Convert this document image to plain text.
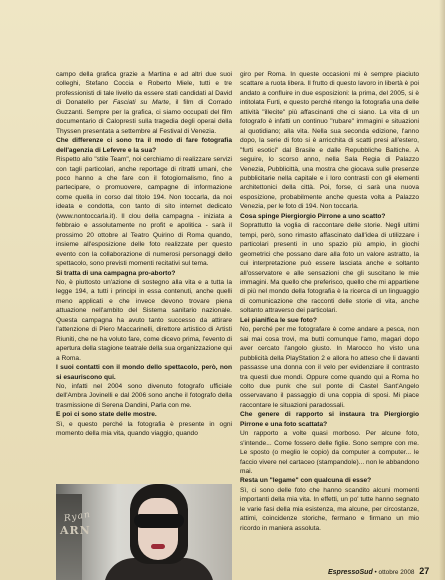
campo della grafica grazie a Martina e ad altri due suoi colleghi, Stefano Coccia e Roberto Miele, tutti e tre professionisti di tale livello da essere stati candidati al David di Donatello per Fasciati su Marte, il film di Corrado Guzzanti. Sempre per la grafica, ci siamo occupati del film documentario di Calopresti sulla tragedia degli operai della Thyssen presentata a settembre al Festival di Venezia.

Che differenze ci sono tra il modo di fare fotografia dell'agenzia di Lefevre e la sua?

Rispetto allo "stile Team", noi cerchiamo di realizzare servizi con tagli particolari, anche reportage di ritratti umani, che poco hanno a che fare con il fotogiornalismo, fino a partecipare, o promuovere, campagne di informazione come quella in corso dal titolo 194. Non toccarla, da noi ideata e condotta, con tanto di sito internet dedicato (www.nontoccarla.it). Il clou della campagna - iniziata a febbraio e assolutamente no profit e apolitica - sarà il prossimo 20 ottobre al Teatro Quirino di Roma quando, insieme all'esposizione delle foto realizzate per questo evento con la collaborazione di numerosi personaggi dello spettacolo, sono previsti momenti recitativi sul tema.

Si tratta di una campagna pro-aborto?

No, è piuttosto un'azione di sostegno alla vita e a tutta la legge 194, a tutti i principi in essa contenuti, anche quelli meno applicati e che invece devono trovare piena attuazione nell'ambito del Sistema sanitario nazionale. Questa campagna ha avuto tanto successo da attirare l'attenzione di Piero Maccarinelli, direttore artistico di Artisti Riuniti, che ne ha voluto fare, come dicevo prima, l'evento di apertura della stagione teatrale della sua organizzazione qui a Roma.

I suoi contatti con il mondo dello spettacolo, però, non si esauriscono qui.

No, infatti nel 2004 sono divenuto fotografo ufficiale dell'Ambra Jovinelli e dal 2006 sono anche il fotografo della trasmissione di Serena Dandini, Parla con me.

E poi ci sono state delle mostre.

Sì, e questo perché la fotografia è presente in ogni momento della mia vita, quando viaggio, quando

Ryan
ARN

giro per Roma. In queste occasioni mi è sempre piaciuto scattare a ruota libera. Il frutto di questo lavoro in libertà è poi andato a confluire in due esposizioni: la prima, del 2005, si è intitolata Furti, e questo perché ritengo la fotografia una delle attività "illecite" più affascinanti che ci siano. La vita di un fotografo è infatti un continuo "rubare" immagini e situazioni al quotidiano; alla vita. Nella sua seconda edizione, l'anno dopo, la serie di foto si è arricchita di scatti presi all'estero, "furti esotici" dal Brasile e dalle Repubbliche Baltiche. A seguire, lo scorso anno, nella Sala Regia di Palazzo Venezia, Pubblicittà, una mostra che giocava sulle presenze pubblicitarie nella capitale e i loro contrasti con gli elementi architettonici della città. Poi, forse, ci sarà una nuova esposizione, probabilmente anche questa volta a Palazzo Venezia, per le foto di 194. Non toccarla.

Cosa spinge Piergiorgio Pirrone a uno scatto?

Soprattutto la voglia di raccontare delle storie. Negli ultimi tempi, però, sono rimasto affascinato dall'idea di utilizzare i particolari presenti in uno spazio più ampio, in giochi geometrici che possano dare alla foto un valore astratto, la cui interpretazione può essere lasciata anche e soltanto all'osservatore e alle sensazioni che gli suscitano le mie immagini. Ma quello che preferisco, quello che mi appartiene di più nel mondo della fotografia è la ricerca di un linguaggio di comunicazione che racconti delle storie di vita, anche soltanto attraverso dei particolari.

Lei pianifica le sue foto?

No, perché per me fotografare è come andare a pesca, non sai mai cosa trovi, ma butti comunque l'amo, magari dopo aver cercato l'angolo giusto. In Marocco ho visto una pubblicità della PlayStation 2 e allora ho atteso che li davanti passasse una donna con il velo per evidenziare il contrasto tra questi due mondi. Oppure come quando qui a Roma ho colto due punk che sul ponte di Castel Sant'Angelo osservavano il passaggio di una coppia di sposi. Mi piace raccontare le situazioni paradossali.

Che genere di rapporto si instaura tra Piergiorgio Pirrone e una foto scattata?

Un rapporto a volte quasi morboso. Per alcune foto, s'intende... Come fossero delle figlie. Sono sempre con me. Le sposto (o meglio le copio) da computer a computer... le faccio vivere nel cartaceo (stampandole)... non le abbandono mai.

Resta un "legame" con qualcuna di esse?

Sì, ci sono delle foto che hanno scandito alcuni momenti importanti della mia vita. In effetti, un po' tutte hanno segnato le varie fasi della mia esistenza, ma alcune, per circostanze, attimi, coincidenze storiche, fermano e firmano un mio ricordo in maniera assoluta.

EspressoSud • ottobre 2008 27
